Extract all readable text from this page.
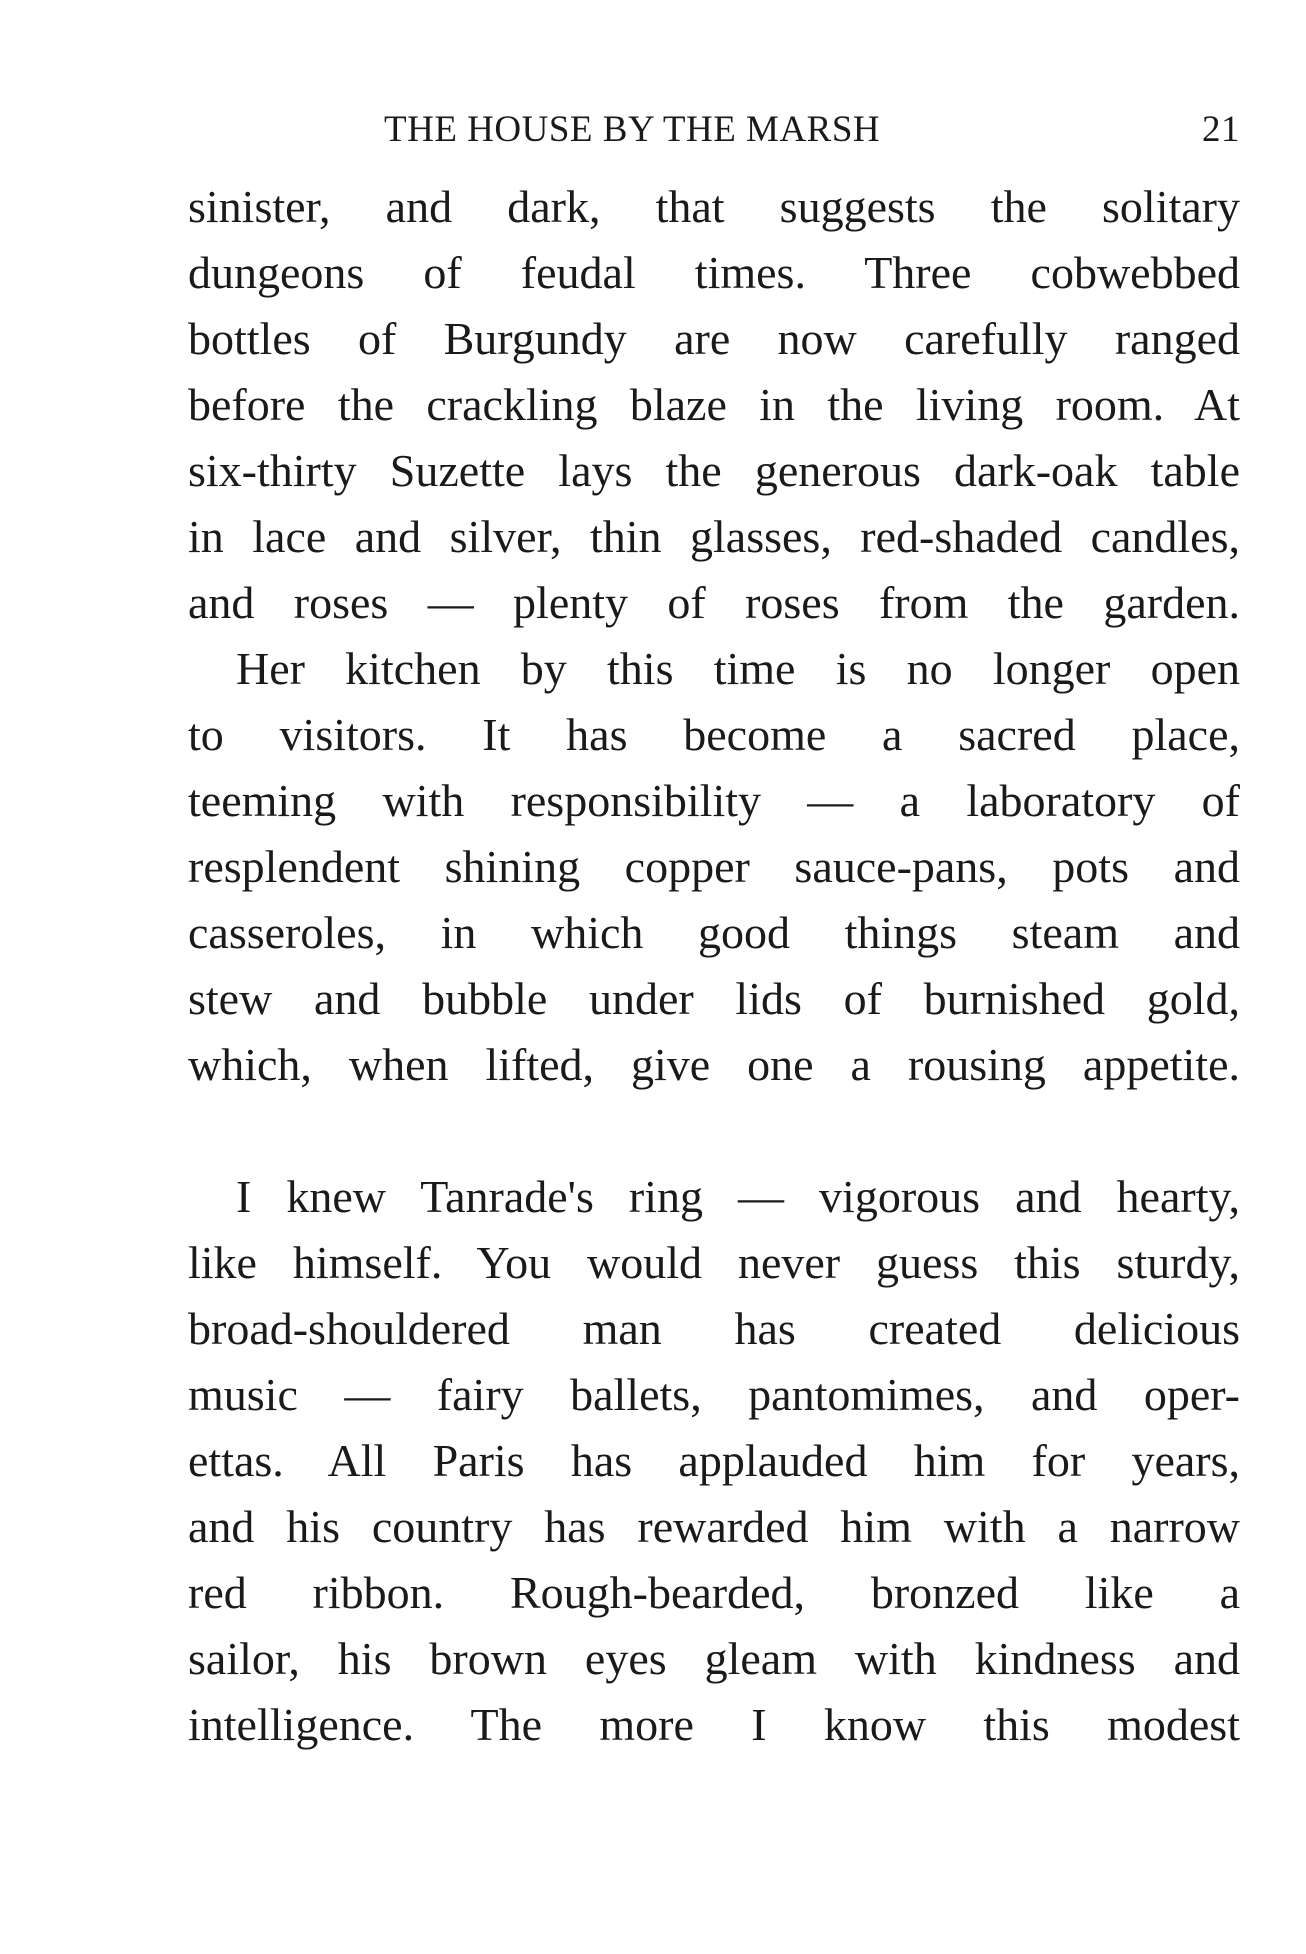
THE HOUSE BY THE MARSH	21
sinister, and dark, that suggests the solitary
dungeons of feudal times. Three cobwebbed
bottles of Burgundy are now carefully ranged
before the crackling blaze in the living room. At
six-thirty Suzette lays the generous dark-oak table
in lace and silver, thin glasses, red-shaded candles,
and roses — plenty of roses from the garden.
Her kitchen by this time is no longer open
to visitors. It has become a sacred place,
teeming with responsibility — a laboratory of
resplendent shining copper sauce-pans, pots and
casseroles, in which good things steam and
stew and bubble under lids of burnished gold,
which, when lifted, give one a rousing appetite.
I knew Tanrade's ring — vigorous and hearty,
like himself. You would never guess this sturdy,
broad-shouldered man has created delicious
music — fairy ballets, pantomimes, and oper-
ettas. All Paris has applauded him for years,
and his country has rewarded him with a narrow
red ribbon. Rough-bearded, bronzed like a
sailor, his brown eyes gleam with kindness and
intelligence. The more I know this modest
